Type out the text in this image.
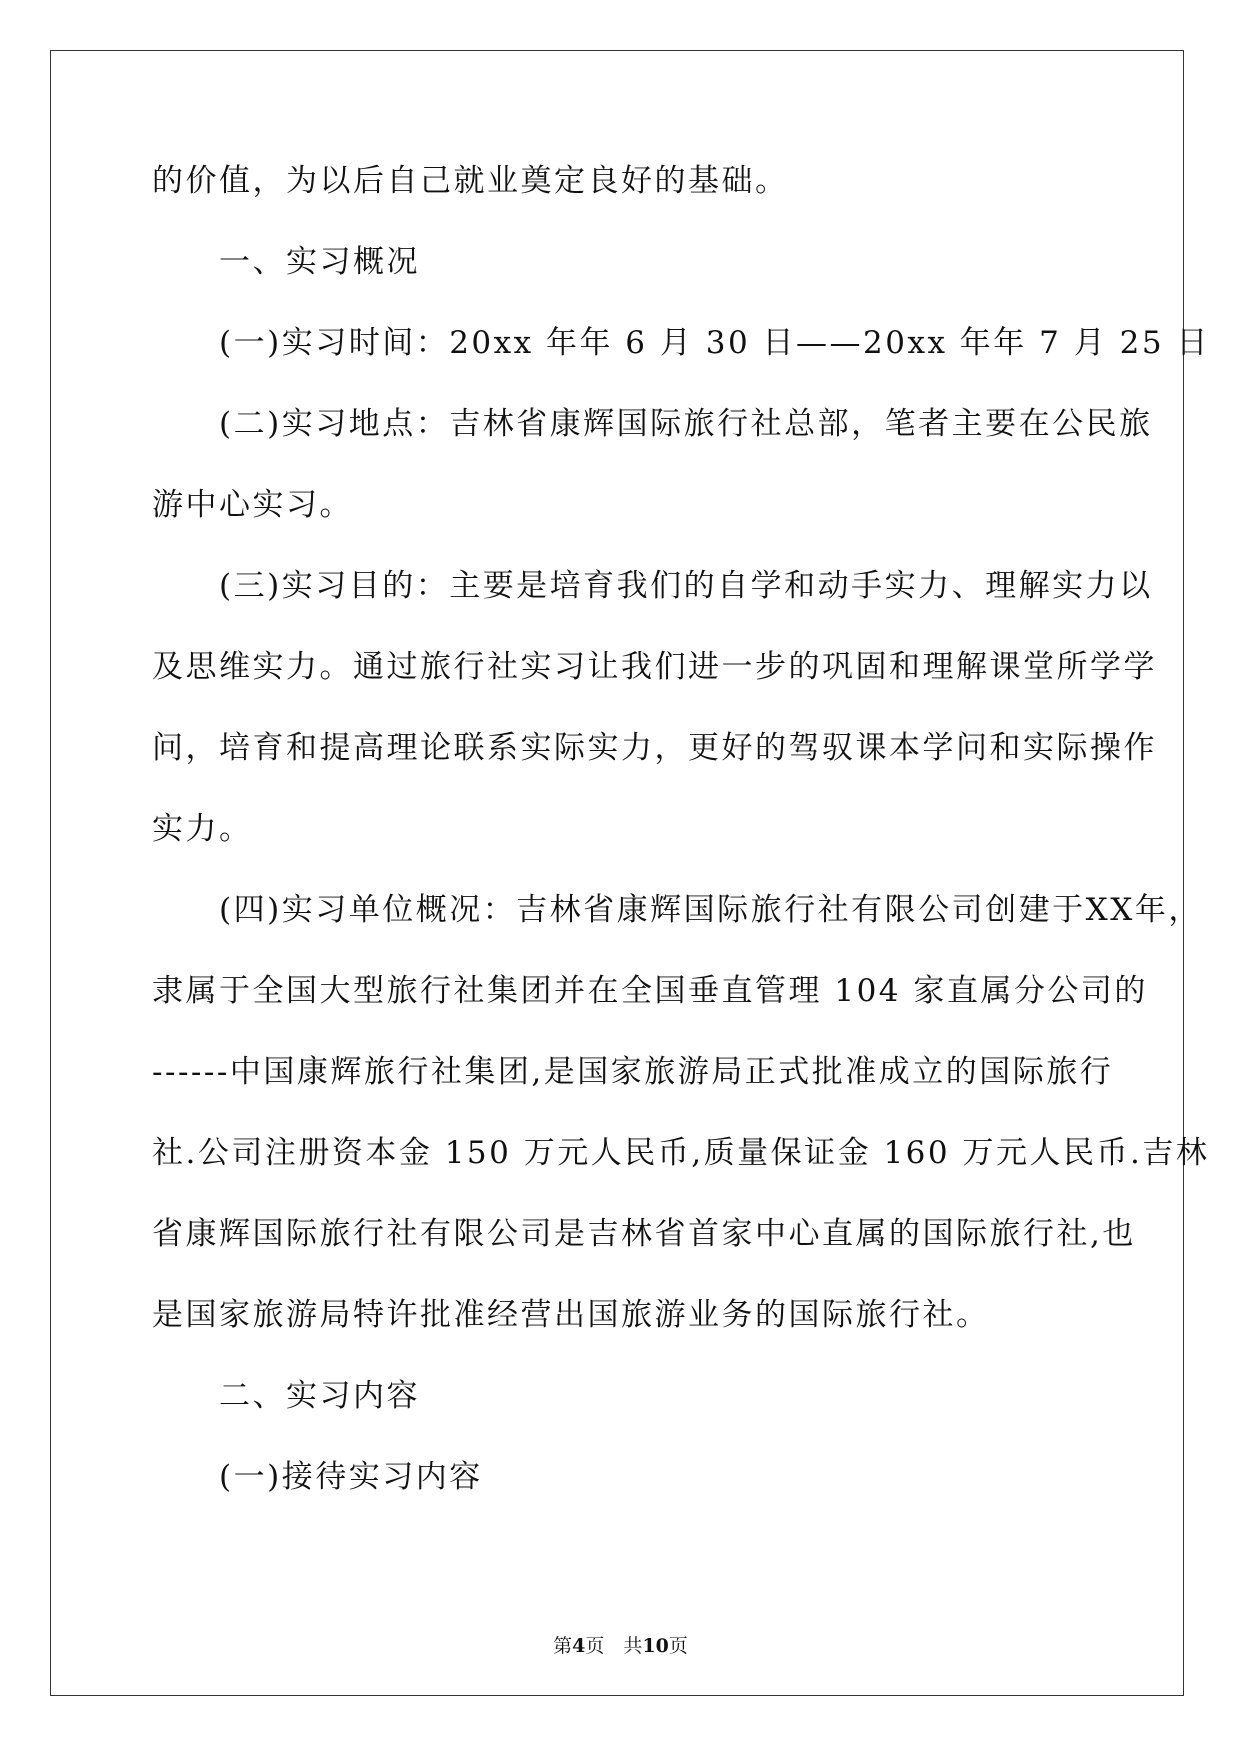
的价值，为以后自己就业奠定良好的基础。

　　一、实习概况

　　(一)实习时间：20xx 年年 6 月 30 日——20xx 年年 7 月 25 日

　　(二)实习地点：吉林省康辉国际旅行社总部，笔者主要在公民旅

游中心实习。

　　(三)实习目的：主要是培育我们的自学和动手实力、理解实力以

及思维实力。通过旅行社实习让我们进一步的巩固和理解课堂所学学

问，培育和提高理论联系实际实力，更好的驾驭课本学问和实际操作

实力。

　　(四)实习单位概况：吉林省康辉国际旅行社有限公司创建于XX年，

隶属于全国大型旅行社集团并在全国垂直管理 104 家直属分公司的

------中国康辉旅行社集团,是国家旅游局正式批准成立的国际旅行

社.公司注册资本金 150 万元人民币,质量保证金 160 万元人民币.吉林

省康辉国际旅行社有限公司是吉林省首家中心直属的国际旅行社,也

是国家旅游局特许批准经营出国旅游业务的国际旅行社。

　　二、实习内容

　　(一)接待实习内容

第4页　共10页
